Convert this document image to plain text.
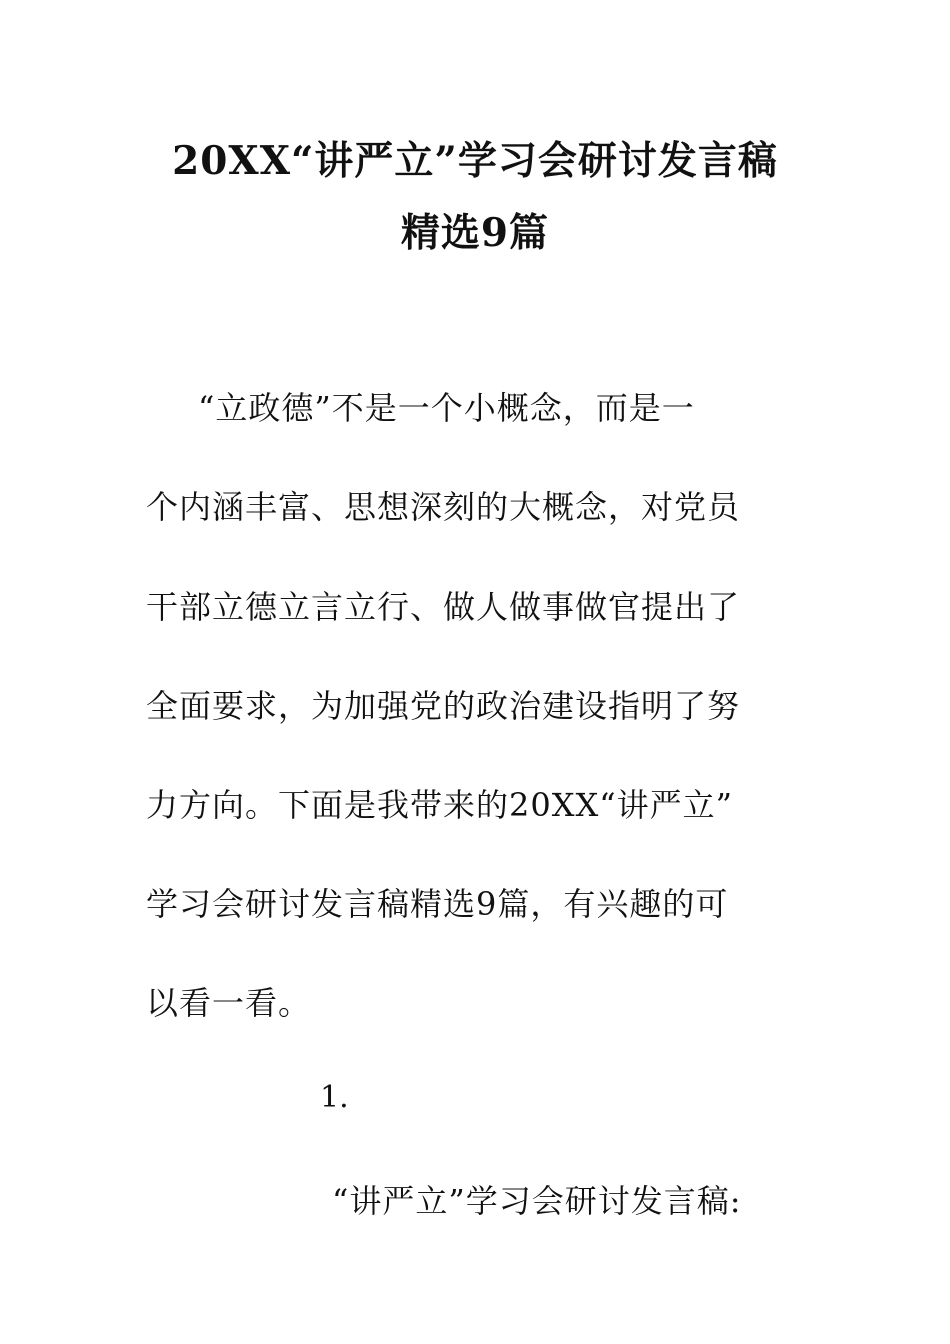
20XX“讲严立”学习会研讨发言稿
精选9篇
“立政德”不是一个小概念，而是一
个内涵丰富、思想深刻的大概念，对党员
干部立德立言立行、做人做事做官提出了
全面要求，为加强党的政治建设指明了努
力方向。下面是我带来的20XX“讲严立”
学习会研讨发言稿精选9篇，有兴趣的可
以看一看。
1.
“讲严立”学习会研讨发言稿:
